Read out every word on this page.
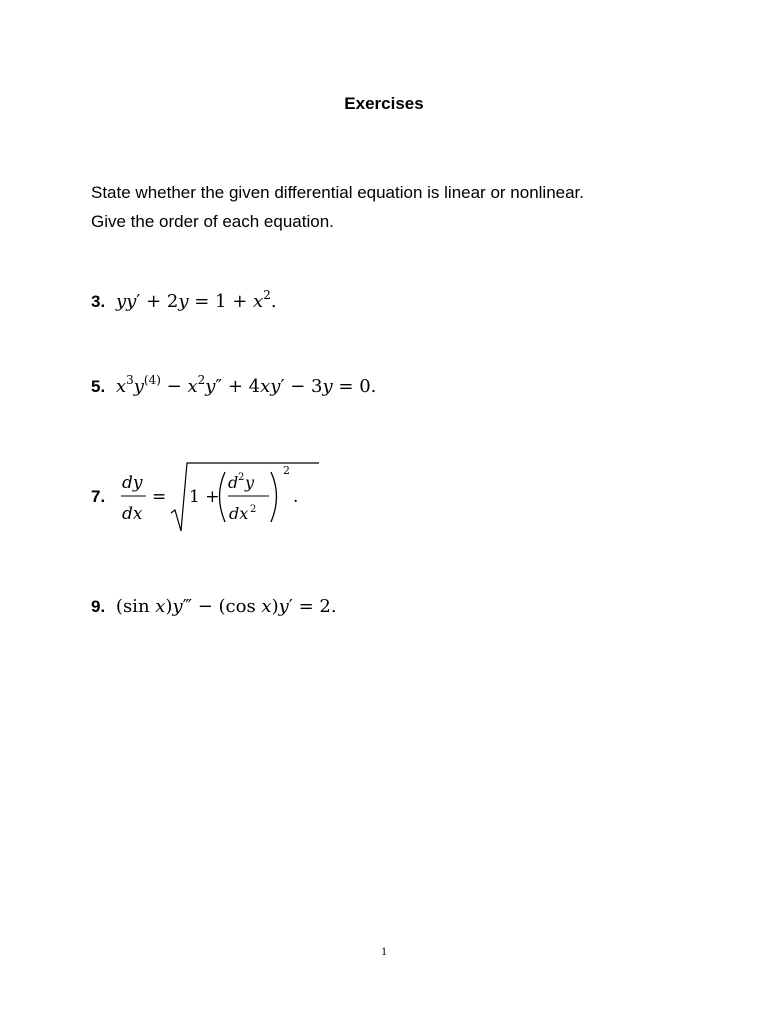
Exercises

State whether the given differential equation is linear or nonlinear.

Give the order of each equation.

3. $yy' + 2y = 1 + x^2$.
5. $x^3y^{(4)} - x^2y'' + 4xy' - 3y = 0$.
7.
dy
dx
= 1 +
d 2 y
dx 2
2
.
9.  (sin x)y‴ − (cos x)y′ = 2.
1
